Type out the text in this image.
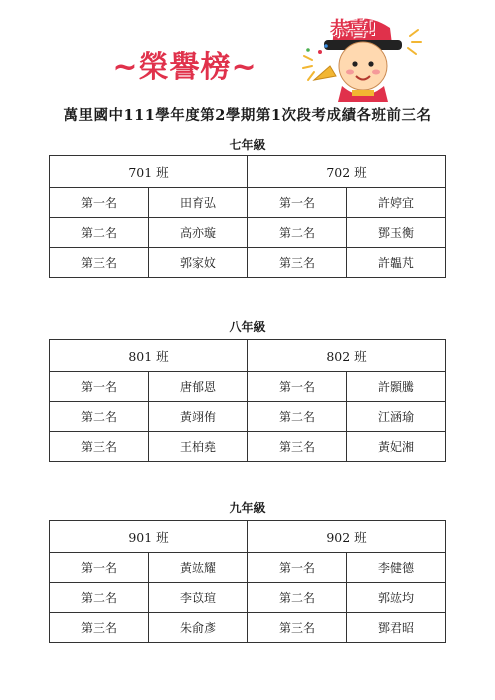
~榮譽榜~
恭喜!
萬里國中111學年度第2學期第1次段考成績各班前三名
七年級
701 班		702 班	
第一名	田育弘	第一名	許婷宜
第二名	高亦璇	第二名	鄧玉衡
第三名	郭家妏	第三名	許韞芃
八年級
801 班		802 班	
第一名	唐郁恩	第一名	許顥騰
第二名	黃翊侑	第二名	江涵瑜
第三名	王柏堯	第三名	黃妃湘
九年級
901 班		902 班	
第一名	黃竑耀	第一名	李健德
第二名	李苡瑄	第二名	郭竑均
第三名	朱俞彥	第三名	鄧君昭
